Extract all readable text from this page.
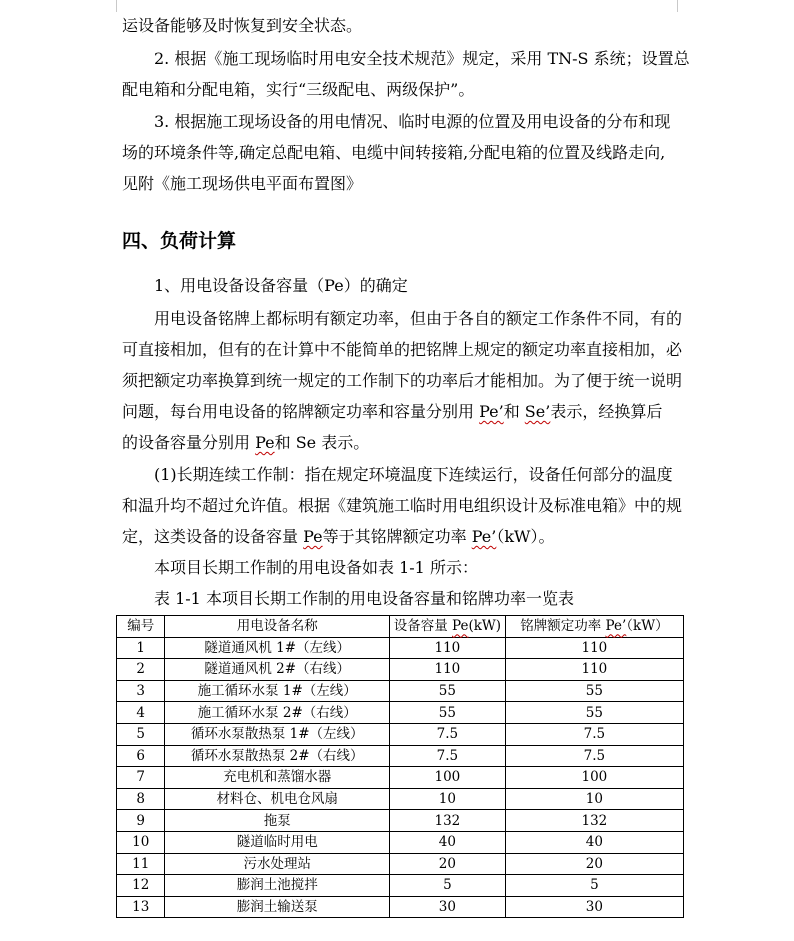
运设备能够及时恢复到安全状态。

2. 根据《施工现场临时用电安全技术规范》规定，采用 TN-S 系统；设置总

配电箱和分配电箱，实行“三级配电、两级保护”。

3. 根据施工现场设备的用电情况、临时电源的位置及用电设备的分布和现

场的环境条件等,确定总配电箱、电缆中间转接箱,分配电箱的位置及线路走向,

见附《施工现场供电平面布置图》

四、负荷计算

1、用电设备设备容量（Pe）的确定

用电设备铭牌上都标明有额定功率，但由于各自的额定工作条件不同，有的

可直接相加，但有的在计算中不能简单的把铭牌上规定的额定功率直接相加，必

须把额定功率换算到统一规定的工作制下的功率后才能相加。为了便于统一说明

问题，每台用电设备的铭牌额定功率和容量分别用 Pe’和 Se’表示，经换算后

的设备容量分别用 Pe和 Se 表示。

(1)长期连续工作制：指在规定环境温度下连续运行，设备任何部分的温度

和温升均不超过允许值。根据《建筑施工临时用电组织设计及标准电箱》中的规

定，这类设备的设备容量 Pe等于其铭牌额定功率 Pe’（kW）。

本项目长期工作制的用电设备如表 1-1 所示：

表 1-1 本项目长期工作制的用电设备容量和铭牌功率一览表

编号	用电设备名称	设备容量 Pe(kW)	铭牌额定功率 Pe’（kW）
1	隧道通风机 1#（左线）	110	110
2	隧道通风机 2#（右线）	110	110
3	施工循环水泵 1#（左线）	55	55
4	施工循环水泵 2#（右线）	55	55
5	循环水泵散热泵 1#（左线）	7.5	7.5
6	循环水泵散热泵 2#（右线）	7.5	7.5
7	充电机和蒸馏水器	100	100
8	材料仓、机电仓风扇	10	10
9	拖泵	132	132
10	隧道临时用电	40	40
11	污水处理站	20	20
12	膨润土池搅拌	5	5
13	膨润土输送泵	30	30
